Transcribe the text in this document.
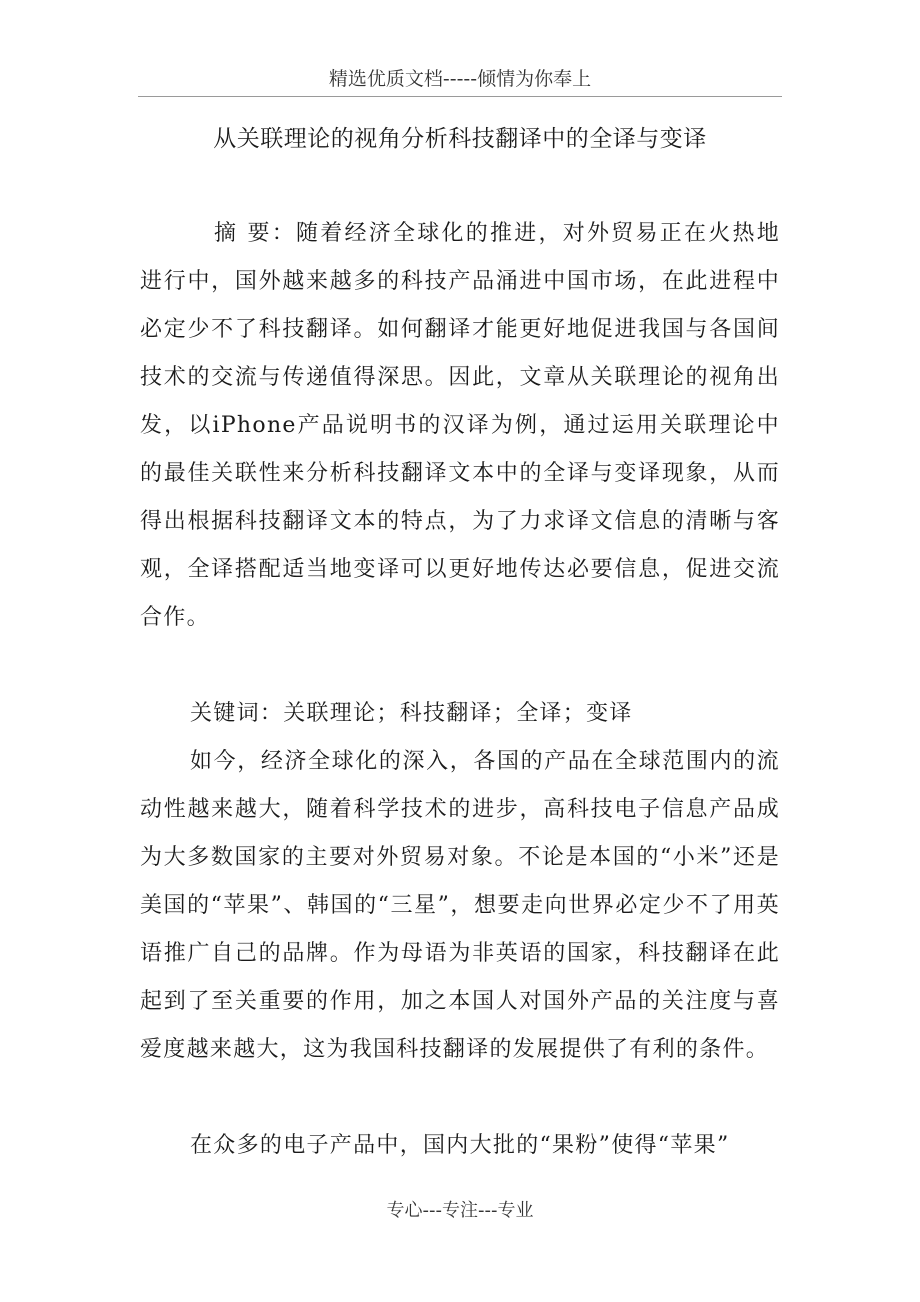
精选优质文档-----倾情为你奉上
从关联理论的视角分析科技翻译中的全译与变译

摘 要：随着经济全球化的推进，对外贸易正在火热地进行中，国外越来越多的科技产品涌进中国市场，在此进程中必定少不了科技翻译。如何翻译才能更好地促进我国与各国间技术的交流与传递值得深思。因此，文章从关联理论的视角出发，以iPhone产品说明书的汉译为例，通过运用关联理论中的最佳关联性来分析科技翻译文本中的全译与变译现象，从而得出根据科技翻译文本的特点，为了力求译文信息的清晰与客观，全译搭配适当地变译可以更好地传达必要信息，促进交流合作。

关键词：关联理论；科技翻译；全译；变译

如今，经济全球化的深入，各国的产品在全球范围内的流动性越来越大，随着科学技术的进步，高科技电子信息产品成为大多数国家的主要对外贸易对象。不论是本国的“小米”还是美国的“苹果”、韩国的“三星”，想要走向世界必定少不了用英语推广自己的品牌。作为母语为非英语的国家，科技翻译在此起到了至关重要的作用，加之本国人对国外产品的关注度与喜爱度越来越大，这为我国科技翻译的发展提供了有利的条件。

在众多的电子产品中，国内大批的“果粉”使得“苹果”

专心---专注---专业
